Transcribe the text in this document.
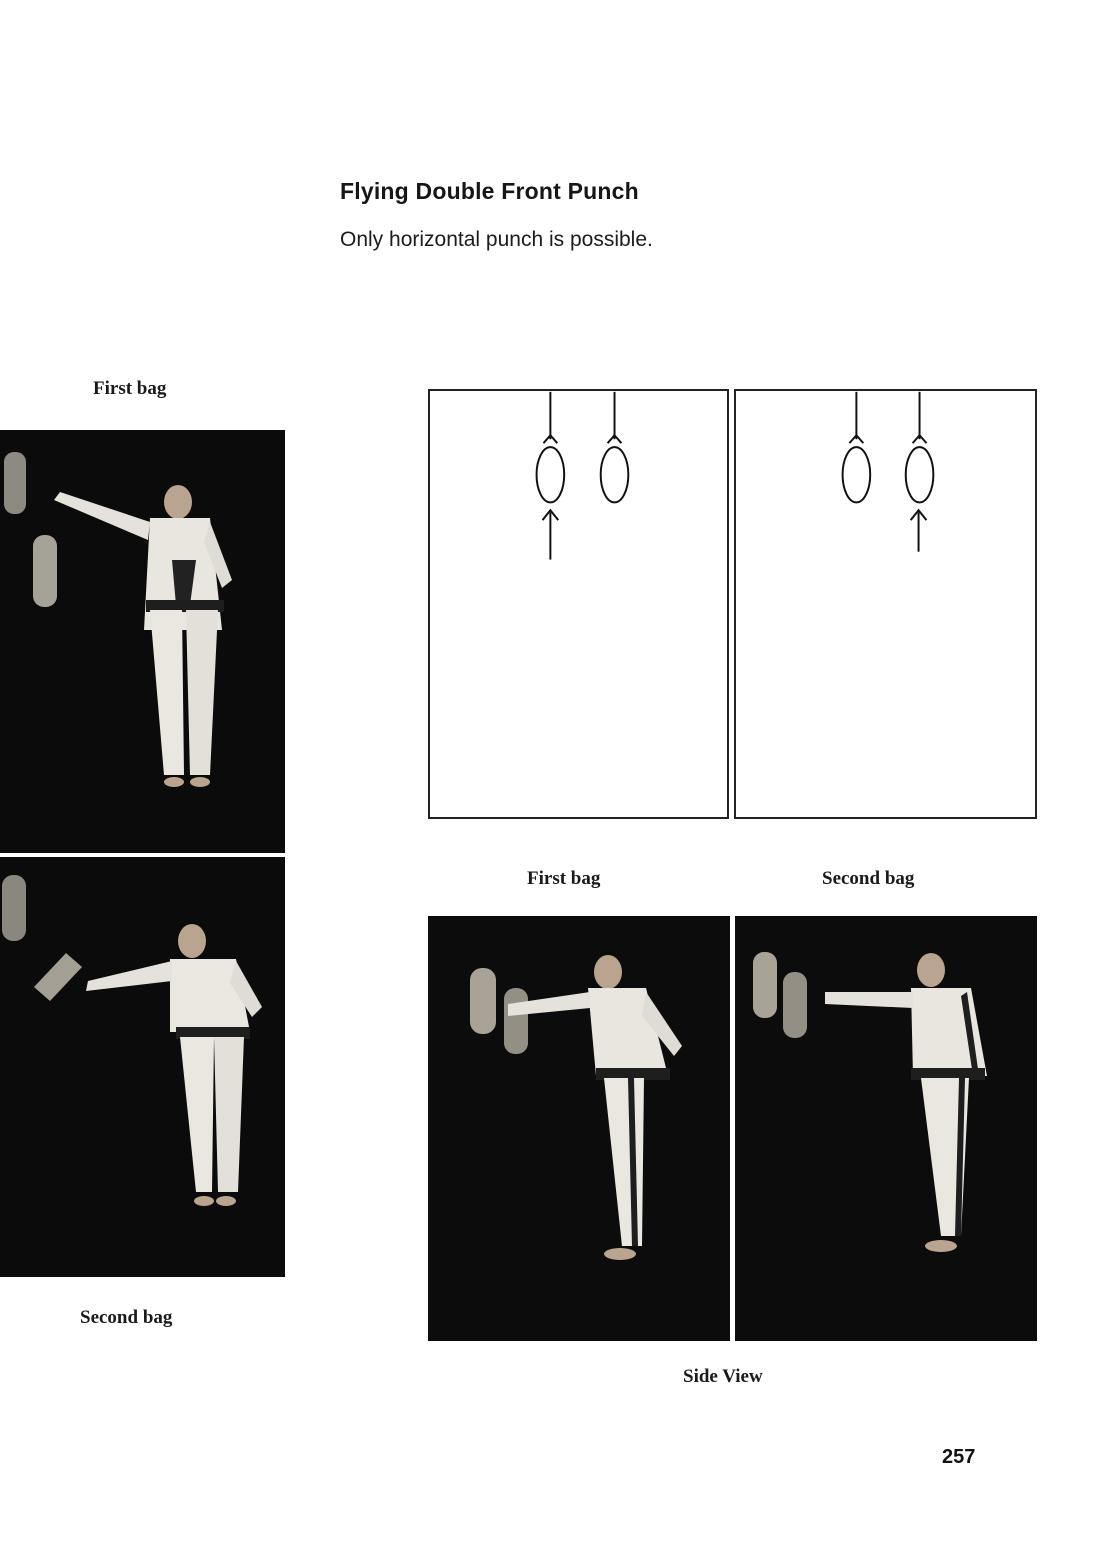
Flying Double Front Punch
Only horizontal punch is possible.
First bag
Second bag
First bag	Second bag
Side View
257
